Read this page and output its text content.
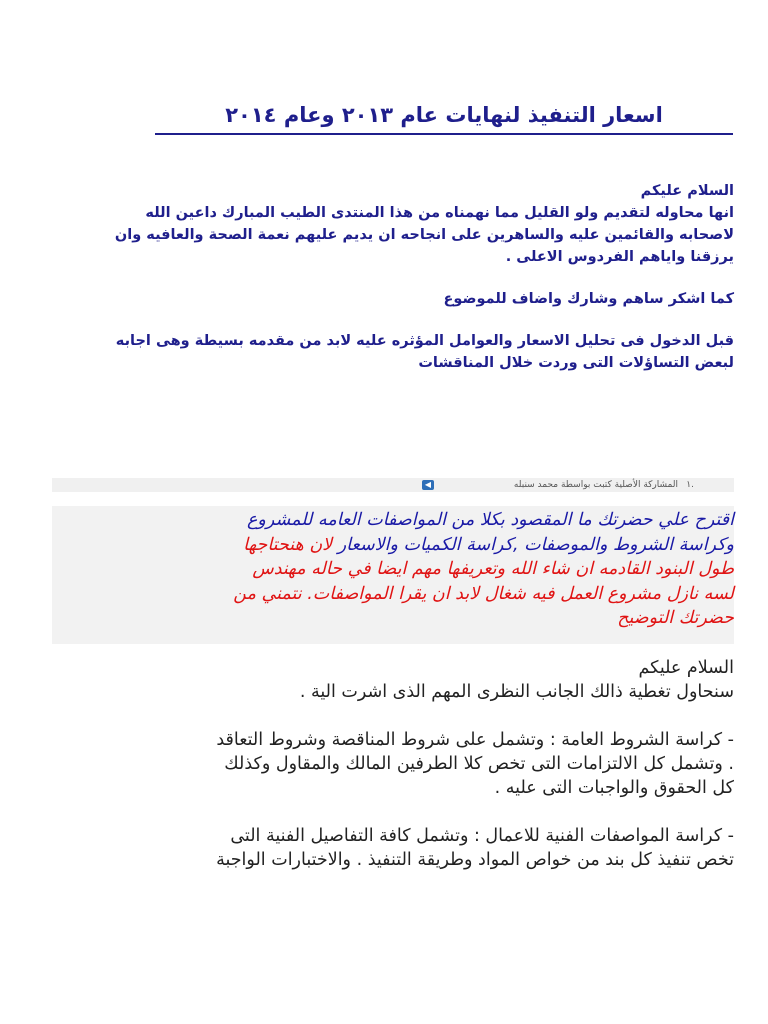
اسعار التنفيذ لنهايات عام ٢٠١٣ وعام ٢٠١٤

السلام عليكم

انها محاوله لتقديم ولو القليل مما نهمناه من هذا المنتدى الطيب المبارك داعين الله

لاصحابه والقائمين عليه والساهرين على انجاحه ان يديم عليهم نعمة الصحة والعافيه وان

يرزقنا واياهم الفردوس الاعلى .

كما اشكر ساهم وشارك واضاف للموضوع

قبل الدخول فى تحليل الاسعار والعوامل المؤثره عليه لابد من مقدمه بسيطة وهى اجابه

لبعض التساؤلات التى وردت خلال المناقشات

.١
المشاركة الأصلية كتبت بواسطة محمد سنبله
◀
اقترح علي حضرتك ما المقصود بكلا من المواصفات العامه للمشروع
وكراسة الشروط والموصفات ,كراسة الكميات والاسعار لان هنحتاجها
طول البنود القادمه ان شاء الله وتعريفها مهم ايضا في حاله مهندس
لسه نازل مشروع العمل فيه شغال لابد ان يقرا المواصفات. نتمني من
حضرتك التوضيح

السلام عليكم

سنحاول تغطية ذالك الجانب النظرى المهم الذى اشرت الية .

- كراسة الشروط العامة : وتشمل على شروط المناقصة وشروط التعاقد

. وتشمل كل الالتزامات التى تخص كلا الطرفين المالك والمقاول وكذلك

كل الحقوق والواجبات التى عليه .

- كراسة المواصفات الفنية للاعمال : وتشمل كافة التفاصيل الفنية التى

تخص تنفيذ كل بند من خواص المواد وطريقة التنفيذ . والاختبارات الواجبة
